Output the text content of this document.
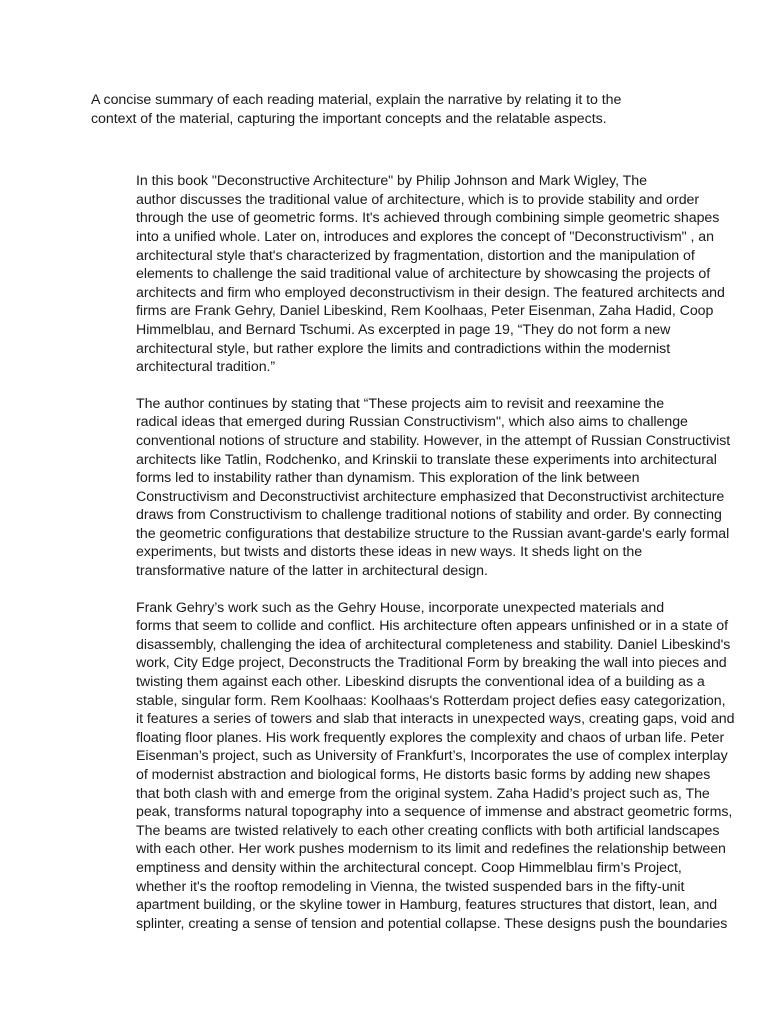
A concise summary of each reading material, explain the narrative by relating it to the
context of the material, capturing the important concepts and the relatable aspects.
In this book "Deconstructive Architecture" by Philip Johnson and Mark Wigley, The
author discusses the traditional value of architecture, which is to provide stability and order
through the use of geometric forms. It's achieved through combining simple geometric shapes
into a unified whole. Later on, introduces and explores the concept of "Deconstructivism" , an
architectural style that's characterized by fragmentation, distortion and the manipulation of
elements to challenge the said traditional value of architecture by showcasing the projects of
architects and firm who employed deconstructivism in their design. The featured architects and
firms are Frank Gehry, Daniel Libeskind, Rem Koolhaas, Peter Eisenman, Zaha Hadid, Coop
Himmelblau, and Bernard Tschumi. As excerpted in page 19, “They do not form a new
architectural style, but rather explore the limits and contradictions within the modernist
architectural tradition.”
The author continues by stating that “These projects aim to revisit and reexamine the
radical ideas that emerged during Russian Constructivism", which also aims to challenge
conventional notions of structure and stability. However, in the attempt of Russian Constructivist
architects like Tatlin, Rodchenko, and Krinskii to translate these experiments into architectural
forms led to instability rather than dynamism. This exploration of the link between
Constructivism and Deconstructivist architecture emphasized that Deconstructivist architecture
draws from Constructivism to challenge traditional notions of stability and order. By connecting
the geometric configurations that destabilize structure to the Russian avant-garde's early formal
experiments, but twists and distorts these ideas in new ways. It sheds light on the
transformative nature of the latter in architectural design.
Frank Gehry’s work such as the Gehry House, incorporate unexpected materials and
forms that seem to collide and conflict. His architecture often appears unfinished or in a state of
disassembly, challenging the idea of architectural completeness and stability. Daniel Libeskind's
work, City Edge project, Deconstructs the Traditional Form by breaking the wall into pieces and
twisting them against each other. Libeskind disrupts the conventional idea of a building as a
stable, singular form. Rem Koolhaas: Koolhaas's Rotterdam project defies easy categorization,
it features a series of towers and slab that interacts in unexpected ways, creating gaps, void and
floating floor planes. His work frequently explores the complexity and chaos of urban life. Peter
Eisenman’s project, such as University of Frankfurt’s, Incorporates the use of complex interplay
of modernist abstraction and biological forms, He distorts basic forms by adding new shapes
that both clash with and emerge from the original system. Zaha Hadid’s project such as, The
peak, transforms natural topography into a sequence of immense and abstract geometric forms,
The beams are twisted relatively to each other creating conflicts with both artificial landscapes
with each other. Her work pushes modernism to its limit and redefines the relationship between
emptiness and density within the architectural concept. Coop Himmelblau firm’s Project,
whether it's the rooftop remodeling in Vienna, the twisted suspended bars in the fifty-unit
apartment building, or the skyline tower in Hamburg, features structures that distort, lean, and
splinter, creating a sense of tension and potential collapse. These designs push the boundaries
